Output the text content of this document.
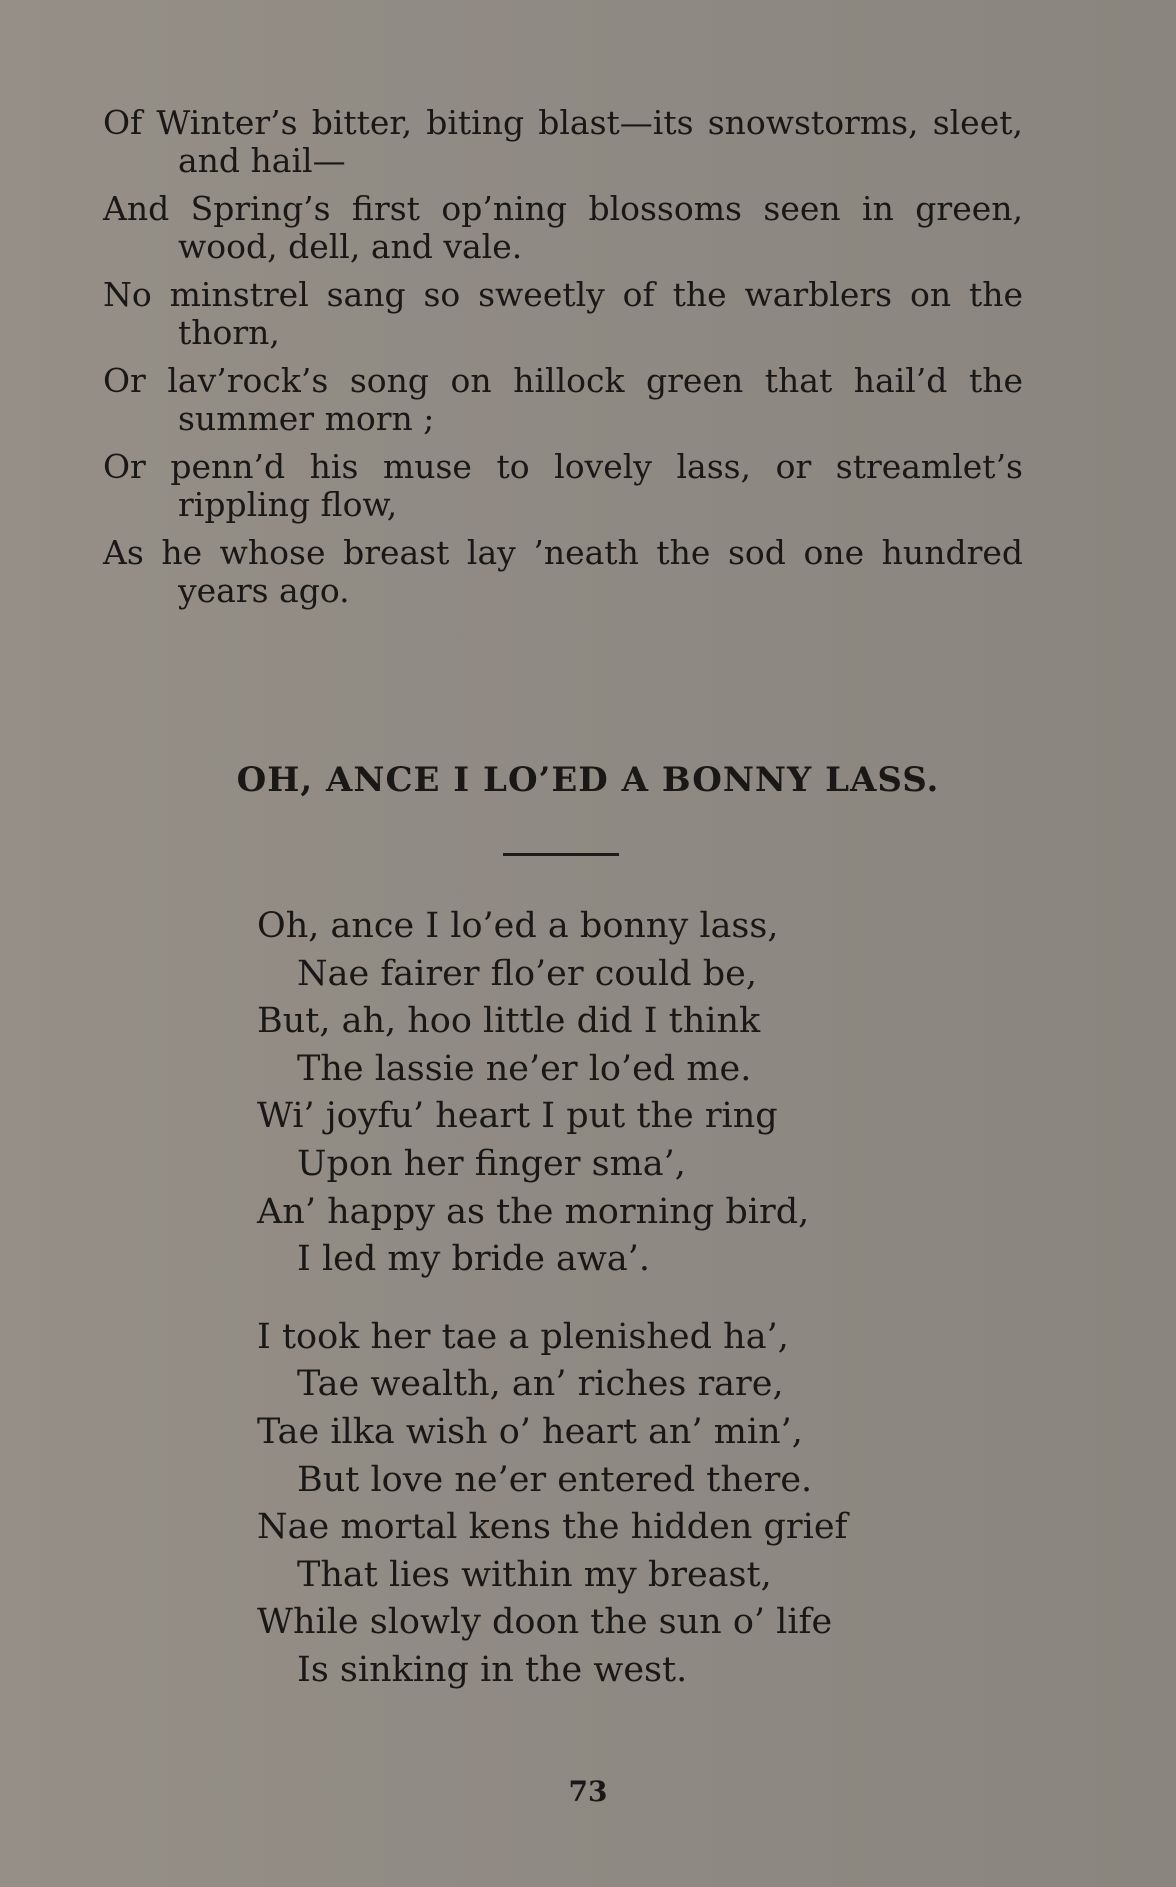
Of Winter’s bitter, biting blast—its snowstorms, sleet, and hail—

And Spring’s first op’ning blossoms seen in green, wood, dell, and vale.

No minstrel sang so sweetly of the warblers on the thorn,

Or lav’rock’s song on hillock green that hail’d the summer morn ;

Or penn’d his muse to lovely lass, or streamlet’s rippling flow,

As he whose breast lay ’neath the sod one hundred years ago.

OH, ANCE I LO’ED A BONNY LASS.
Oh, ance I lo’ed a bonny lass,
Nae fairer flo’er could be,
But, ah, hoo little did I think
The lassie ne’er lo’ed me.
Wi’ joyfu’ heart I put the ring
Upon her finger sma’,
An’ happy as the morning bird,
I led my bride awa’.
I took her tae a plenished ha’,
Tae wealth, an’ riches rare,
Tae ilka wish o’ heart an’ min’,
But love ne’er entered there.
Nae mortal kens the hidden grief
That lies within my breast,
While slowly doon the sun o’ life
Is sinking in the west.
73
